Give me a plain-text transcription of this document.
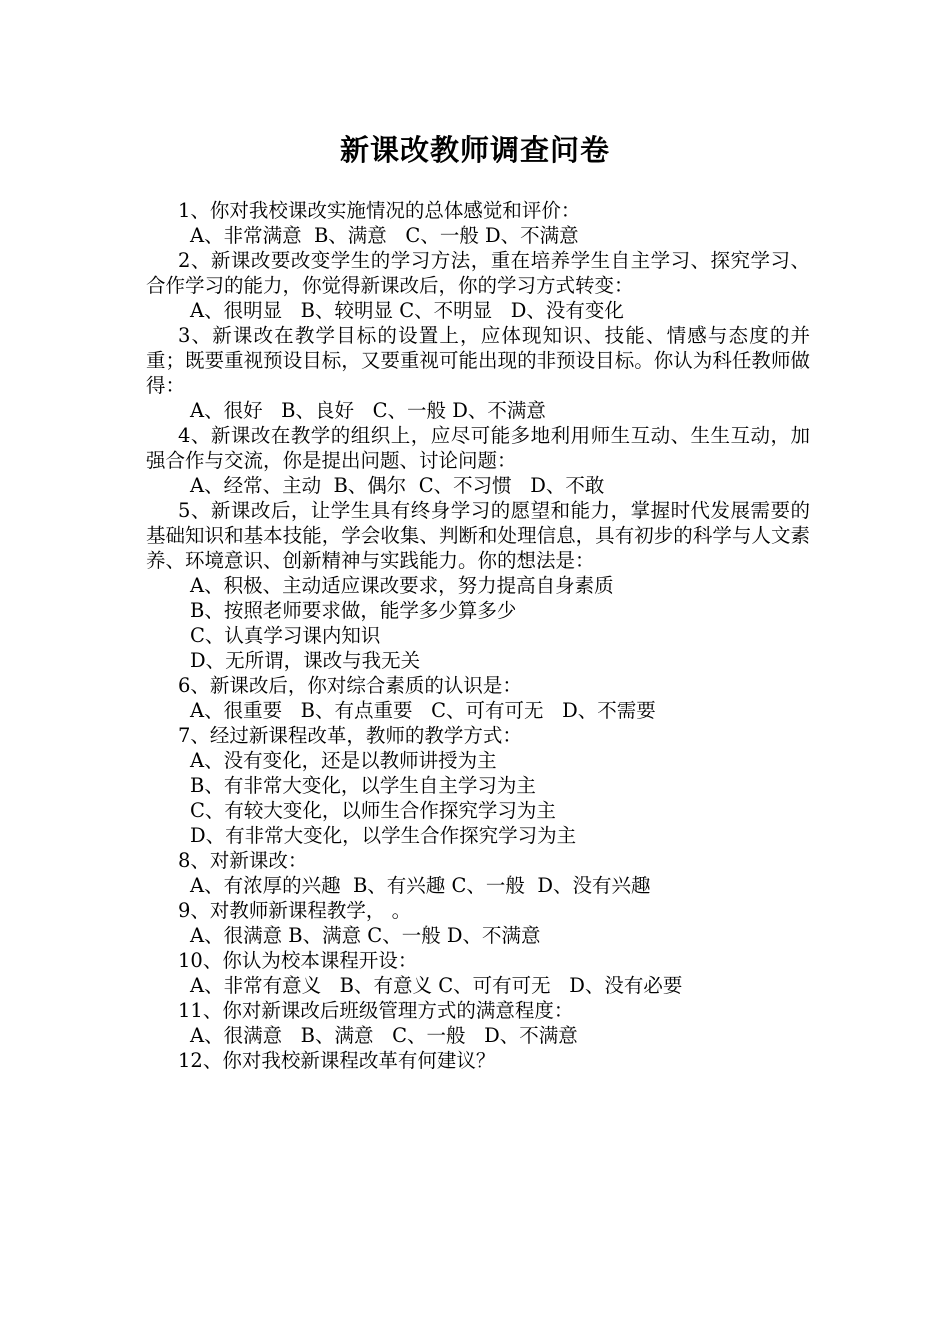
新课改教师调查问卷

1、你对我校课改实施情况的总体感觉和评价：

A、非常满意  B、满意   C、一般 D、不满意

2、新课改要改变学生的学习方法，重在培养学生自主学习、探究学习、合作学习的能力，你觉得新课改后，你的学习方式转变：

A、很明显   B、较明显 C、不明显   D、没有变化

3、新课改在教学目标的设置上，应体现知识、技能、情感与态度的并重；既要重视预设目标，又要重视可能出现的非预设目标。你认为科任教师做得：

A、很好   B、良好   C、一般 D、不满意

4、新课改在教学的组织上，应尽可能多地利用师生互动、生生互动，加强合作与交流，你是提出问题、讨论问题：

A、经常、主动  B、偶尔  C、不习惯   D、不敢

5、新课改后，让学生具有终身学习的愿望和能力，掌握时代发展需要的基础知识和基本技能，学会收集、判断和处理信息，具有初步的科学与人文素养、环境意识、创新精神与实践能力。你的想法是：

A、积极、主动适应课改要求，努力提高自身素质

B、按照老师要求做，能学多少算多少

C、认真学习课内知识

D、无所谓，课改与我无关

6、新课改后，你对综合素质的认识是：

A、很重要   B、有点重要   C、可有可无   D、不需要

7、经过新课程改革，教师的教学方式：

A、没有变化，还是以教师讲授为主

B、有非常大变化，以学生自主学习为主

C、有较大变化，以师生合作探究学习为主

D、有非常大变化，以学生合作探究学习为主

8、对新课改：

A、有浓厚的兴趣  B、有兴趣 C、一般  D、没有兴趣

9、对教师新课程教学， 。

A、很满意 B、满意 C、一般 D、不满意

10、你认为校本课程开设：

A、非常有意义   B、有意义 C、可有可无   D、没有必要

11、你对新课改后班级管理方式的满意程度：

A、很满意   B、满意   C、一般   D、不满意

12、你对我校新课程改革有何建议？
